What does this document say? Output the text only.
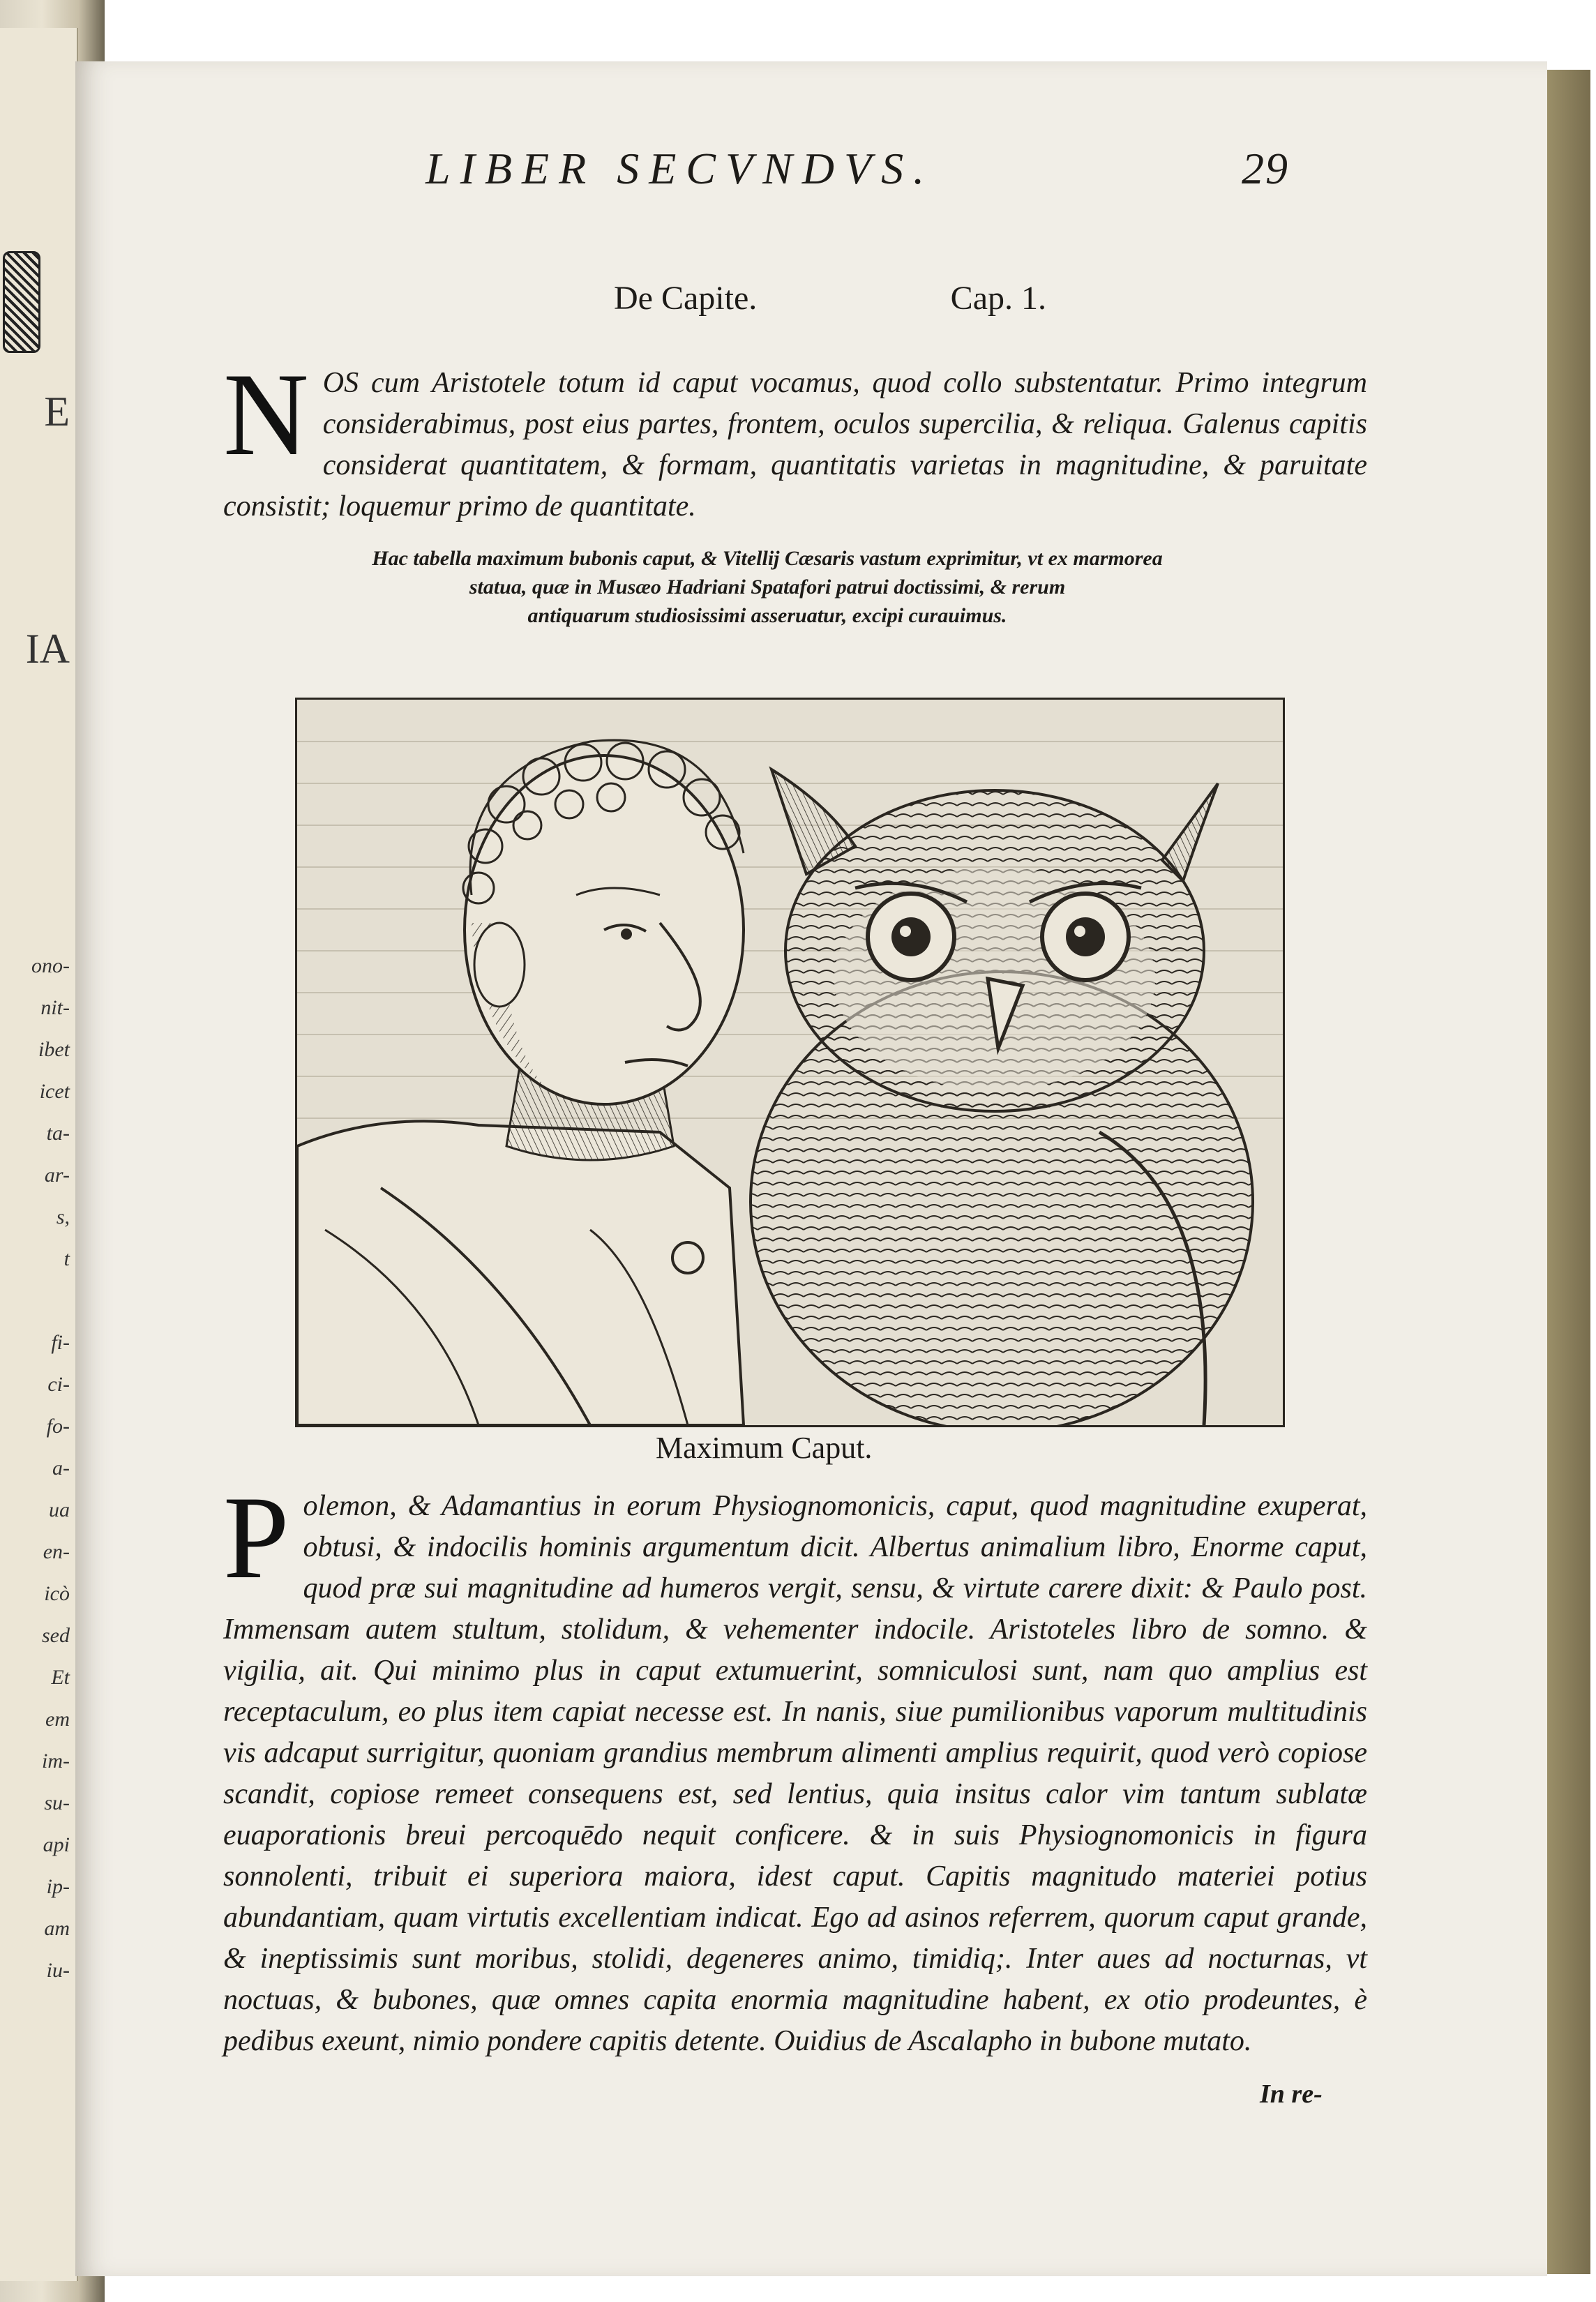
E
IA
ono-
nit-
ibet
icet
ta-
ar-
s,
t
fi-
ci-
fo-
a-
ua
en-
icò
sed
Et
em
im-
su-
api
ip-
am
iu-
LIBER SECVNDVS.	29
De Capite.	Cap. 1.
N OS cum Aristotele totum id caput vocamus, quod collo substentatur. Primo integrum considerabimus, post eius partes, frontem, oculos supercilia, & reliqua. Galenus capitis considerat quantitatem, & formam, quantitatis varietas in magnitudine, & paruitate consistit; loquemur primo de quantitate.
Hac tabella maximum bubonis caput, & Vitellij Cæsaris vastum exprimitur, vt ex marmorea
statua, quæ in Musæo Hadriani Spatafori patrui doctissimi, & rerum
antiquarum studiosissimi asseruatur, excipi curauimus.
Maximum Caput.
P olemon, & Adamantius in eorum Physiognomonicis, caput, quod magnitudine exuperat, obtusi, & indocilis hominis argumentum dicit. Albertus animalium libro, Enorme caput, quod præ sui magnitudine ad humeros vergit, sensu, & virtute carere dixit: & Paulo post. Immensam autem stultum, stolidum, & vehementer indocile. Aristoteles libro de somno. & vigilia, ait. Qui minimo plus in caput extumuerint, somniculosi sunt, nam quo amplius est receptaculum, eo plus item capiat necesse est. In nanis, siue pumilionibus vaporum multitudinis vis adcaput surrigitur, quoniam grandius membrum alimenti amplius requirit, quod verò copiose scandit, copiose remeet consequens est, sed lentius, quia insitus calor vim tantum sublatæ euaporationis breui percoquēdo nequit conficere. & in suis Physiognomonicis in figura sonnolenti, tribuit ei superiora maiora, idest caput. Capitis magnitudo materiei potius abundantiam, quam virtutis excellentiam indicat. Ego ad asinos referrem, quorum caput grande, & ineptissimis sunt moribus, stolidi, degeneres animo, timidiq;. Inter aues ad nocturnas, vt noctuas, & bubones, quæ omnes capita enormia magnitudine habent, ex otio prodeuntes, è pedibus exeunt, nimio pondere capitis detente. Ouidius de Ascalapho in bubone mutato.
In re-
